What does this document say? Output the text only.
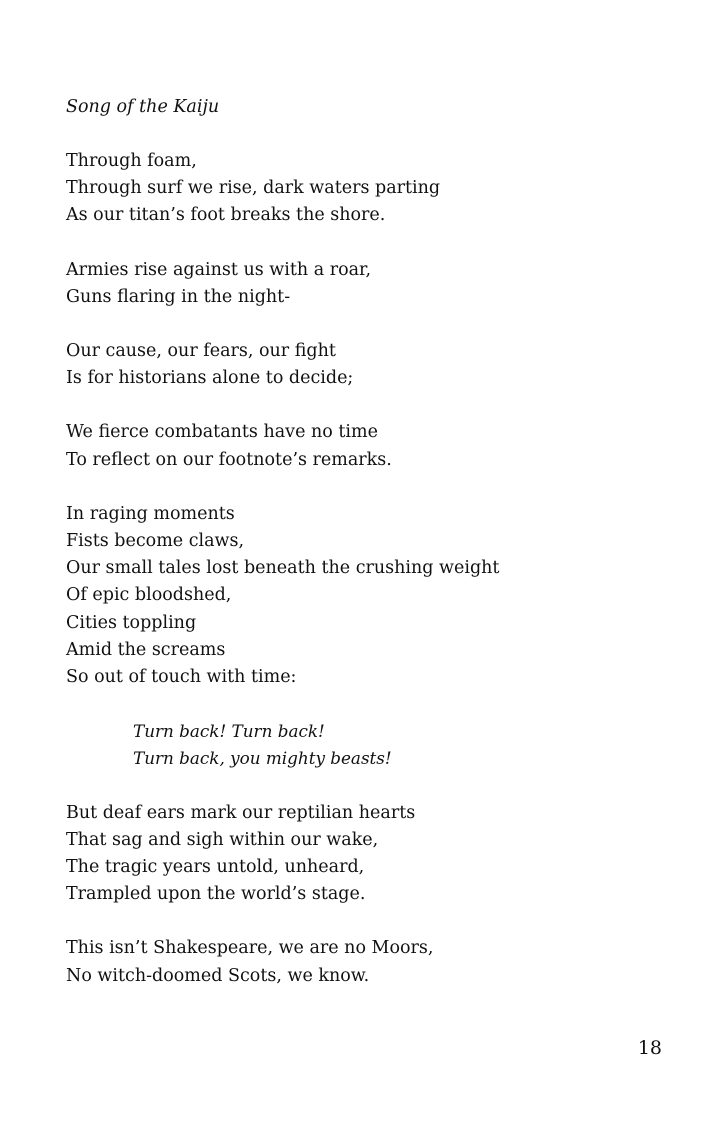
Song of the Kaiju
Through foam,
Through surf we rise, dark waters parting
As our titan’s foot breaks the shore.
Armies rise against us with a roar,
Guns flaring in the night-
Our cause, our fears, our fight
Is for historians alone to decide;
We fierce combatants have no time
To reflect on our footnote’s remarks.
In raging moments
Fists become claws,
Our small tales lost beneath the crushing weight
Of epic bloodshed,
Cities toppling
Amid the screams
So out of touch with time:
Turn back! Turn back!
Turn back, you mighty beasts!
But deaf ears mark our reptilian hearts
That sag and sigh within our wake,
The tragic years untold, unheard,
Trampled upon the world’s stage.
This isn’t Shakespeare, we are no Moors,
No witch-doomed Scots, we know.
18
